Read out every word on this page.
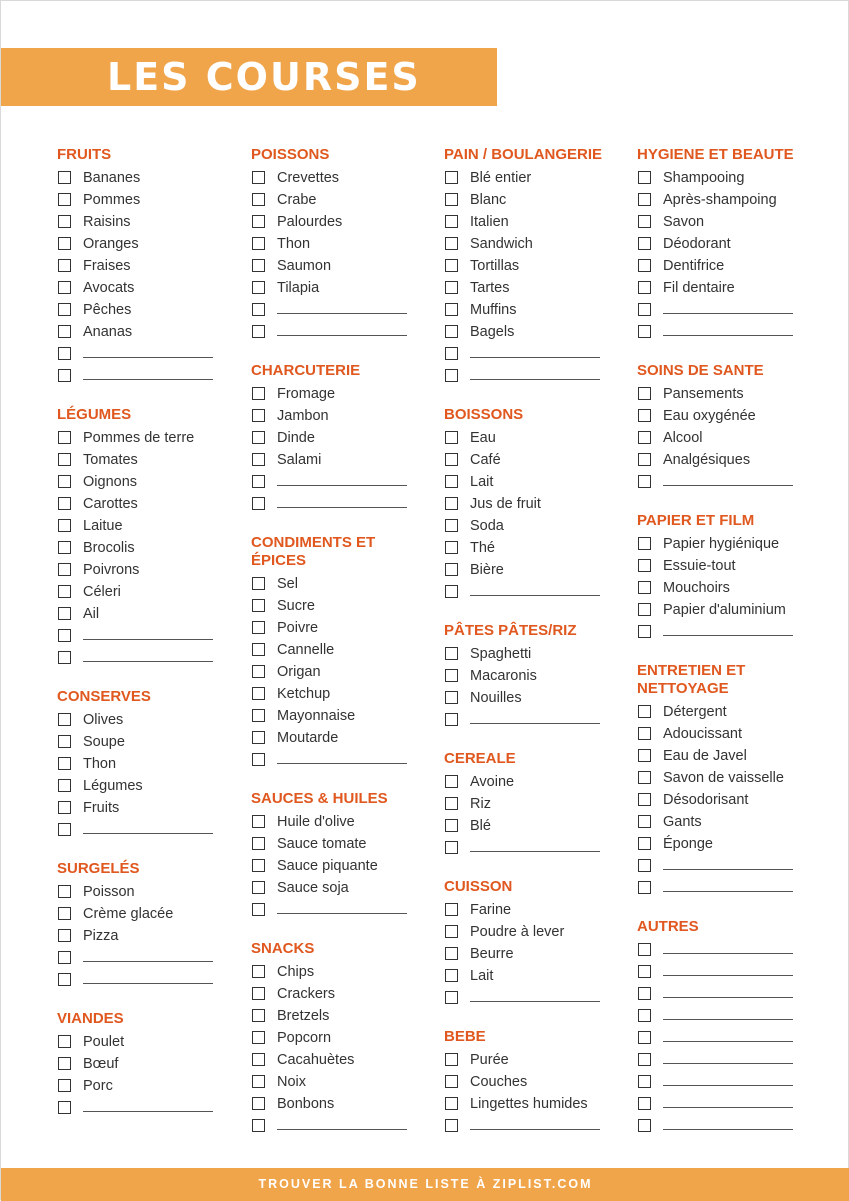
LES COURSES
FRUITS
Bananes
Pommes
Raisins
Oranges
Fraises
Avocats
Pêches
Ananas
LÉGUMES
Pommes de terre
Tomates
Oignons
Carottes
Laitue
Brocolis
Poivrons
Céleri
Ail
CONSERVES
Olives
Soupe
Thon
Légumes
Fruits
SURGELÉS
Poisson
Crème glacée
Pizza
VIANDES
Poulet
Bœuf
Porc
POISSONS
Crevettes
Crabe
Palourdes
Thon
Saumon
Tilapia
CHARCUTERIE
Fromage
Jambon
Dinde
Salami
CONDIMENTS ET
ÉPICES
Sel
Sucre
Poivre
Cannelle
Origan
Ketchup
Mayonnaise
Moutarde
SAUCES & HUILES
Huile d'olive
Sauce tomate
Sauce piquante
Sauce soja
SNACKS
Chips
Crackers
Bretzels
Popcorn
Cacahuètes
Noix
Bonbons
PAIN / BOULANGERIE
Blé entier
Blanc
Italien
Sandwich
Tortillas
Tartes
Muffins
Bagels
BOISSONS
Eau
Café
Lait
Jus de fruit
Soda
Thé
Bière
PÂTES PÂTES/RIZ
Spaghetti
Macaronis
Nouilles
CEREALE
Avoine
Riz
Blé
CUISSON
Farine
Poudre à lever
Beurre
Lait
BEBE
Purée
Couches
Lingettes humides
HYGIENE ET BEAUTE
Shampooing
Après-shampoing
Savon
Déodorant
Dentifrice
Fil dentaire
SOINS DE SANTE
Pansements
Eau oxygénée
Alcool
Analgésiques
PAPIER ET FILM
Papier hygiénique
Essuie-tout
Mouchoirs
Papier d'aluminium
ENTRETIEN ET
NETTOYAGE
Détergent
Adoucissant
Eau de Javel
Savon de vaisselle
Désodorisant
Gants
Éponge
AUTRES
TROUVER LA BONNE LISTE À ZIPLIST.COM
